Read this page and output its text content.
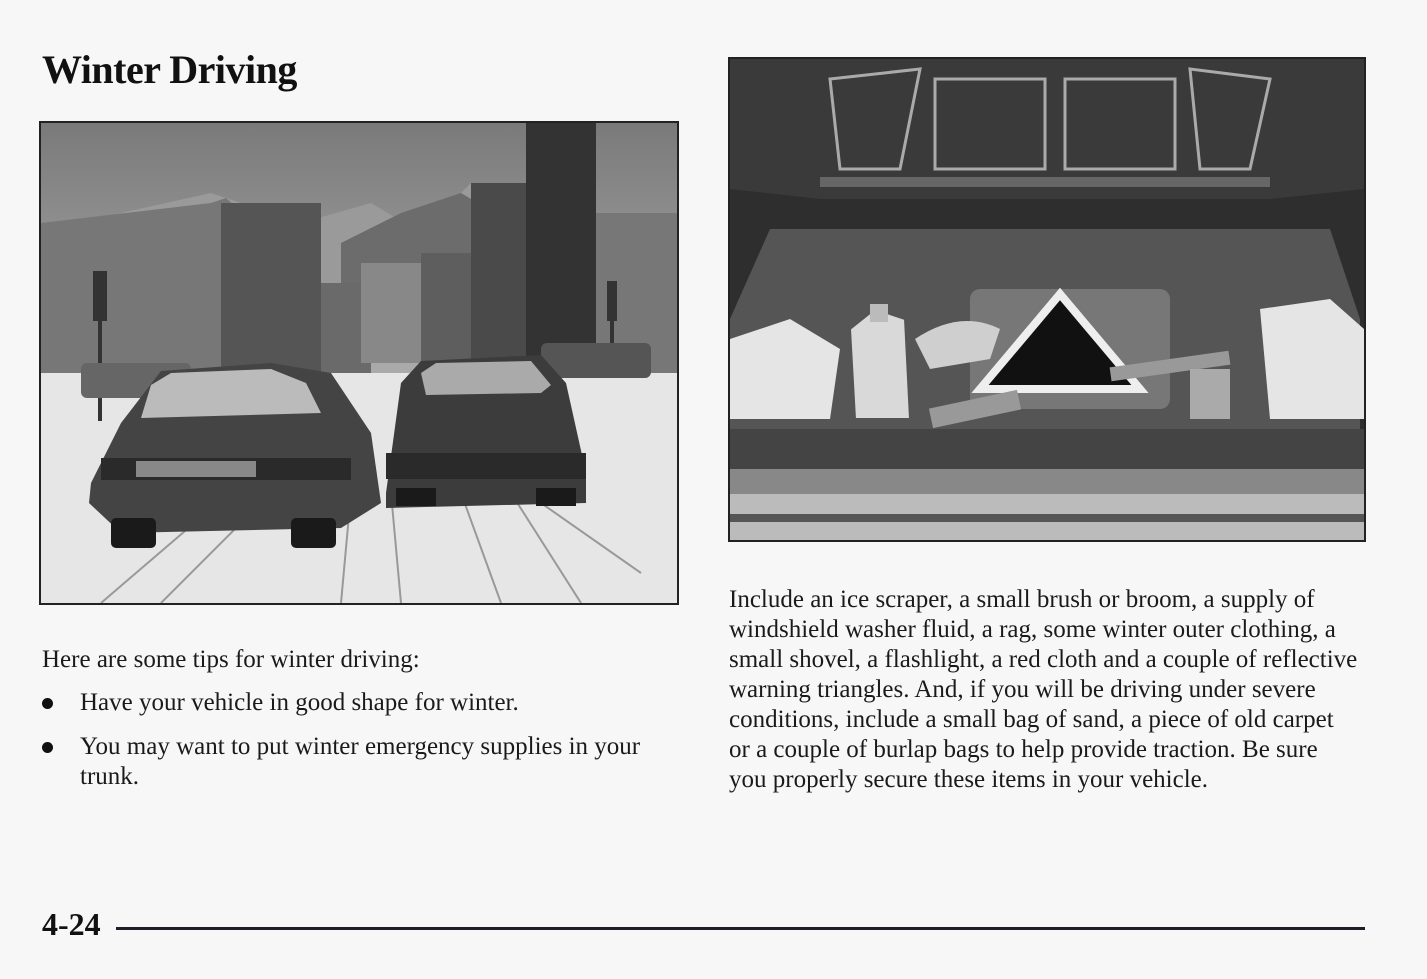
Winter Driving
Here are some tips for winter driving:
Have your vehicle in good shape for winter.
You may want to put winter emergency supplies in your trunk.

Include an ice scraper, a small brush or broom, a supply of windshield washer fluid, a rag, some winter outer clothing, a small shovel, a flashlight, a red cloth and a couple of reflective warning triangles. And, if you will be driving under severe conditions, include a small bag of sand, a piece of old carpet or a couple of burlap bags to help provide traction. Be sure you properly secure these items in your vehicle.

4-24
